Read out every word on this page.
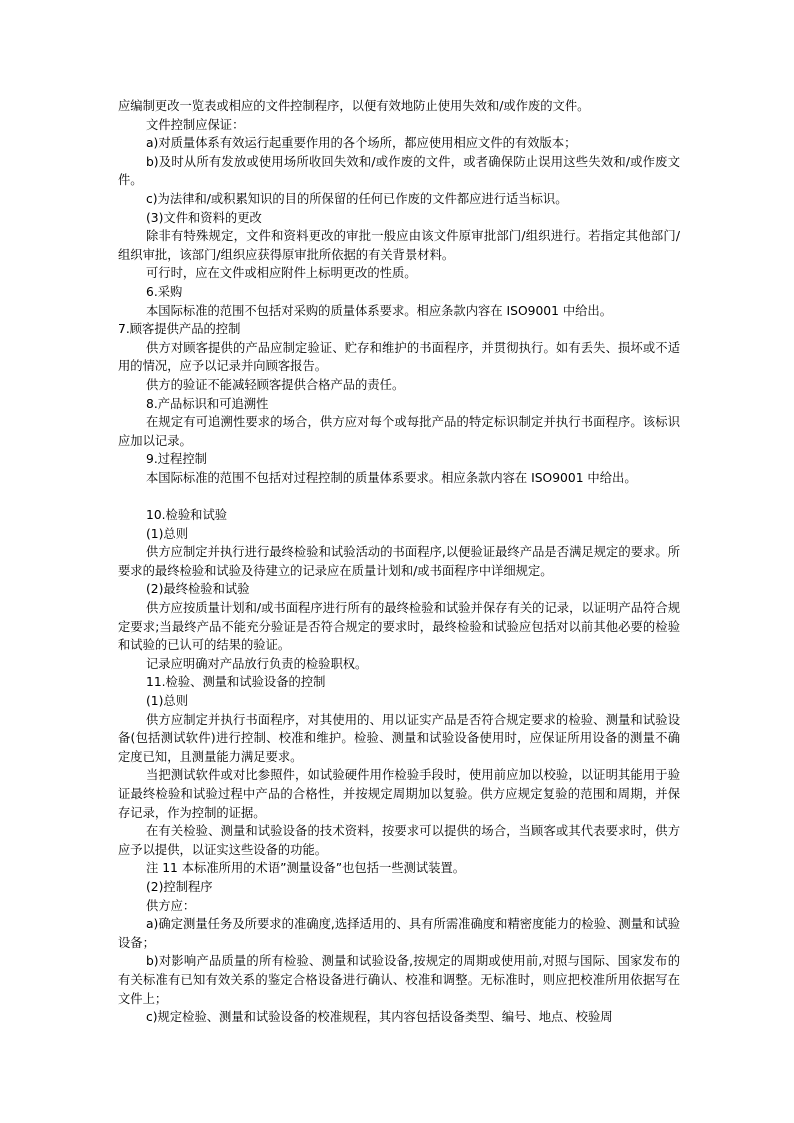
应编制更改一览表或相应的文件控制程序，以便有效地防止使用失效和/或作废的文件。

文件控制应保证：

a)对质量体系有效运行起重要作用的各个场所，都应使用相应文件的有效版本；

b)及时从所有发放或使用场所收回失效和/或作废的文件，或者确保防止误用这些失效和/或作废文件。

c)为法律和/或积累知识的目的所保留的任何已作废的文件都应进行适当标识。

(3)文件和资料的更改

除非有特殊规定，文件和资料更改的审批一般应由该文件原审批部门/组织进行。若指定其他部门/组织审批，该部门/组织应获得原审批所依据的有关背景材料。

可行时，应在文件或相应附件上标明更改的性质。

6.采购

本国际标准的范围不包括对采购的质量体系要求。相应条款内容在 ISO9001 中给出。

7.顾客提供产品的控制

供方对顾客提供的产品应制定验证、贮存和维护的书面程序，并贯彻执行。如有丢失、损坏或不适用的情况，应予以记录并向顾客报告。

供方的验证不能减轻顾客提供合格产品的责任。

8.产品标识和可追溯性

在规定有可追溯性要求的场合，供方应对每个或每批产品的特定标识制定并执行书面程序。该标识应加以记录。

9.过程控制

本国际标准的范围不包括对过程控制的质量体系要求。相应条款内容在 ISO9001 中给出。

10.检验和试验

(1)总则

供方应制定并执行进行最终检验和试验活动的书面程序,以便验证最终产品是否满足规定的要求。所要求的最终检验和试验及待建立的记录应在质量计划和/或书面程序中详细规定。

(2)最终检验和试验

供方应按质量计划和/或书面程序进行所有的最终检验和试验并保存有关的记录，以证明产品符合规定要求;当最终产品不能充分验证是否符合规定的要求时，最终检验和试验应包括对以前其他必要的检验和试验的已认可的结果的验证。

记录应明确对产品放行负责的检验职权。

11.检验、测量和试验设备的控制

(1)总则

供方应制定并执行书面程序，对其使用的、用以证实产品是否符合规定要求的检验、测量和试验设备(包括测试软件)进行控制、校准和维护。检验、测量和试验设备使用时，应保证所用设备的测量不确定度已知，且测量能力满足要求。

当把测试软件或对比参照件，如试验硬件用作检验手段时，使用前应加以校验，以证明其能用于验证最终检验和试验过程中产品的合格性，并按规定周期加以复验。供方应规定复验的范围和周期，并保存记录，作为控制的证据。

在有关检验、测量和试验设备的技术资料，按要求可以提供的场合，当顾客或其代表要求时，供方应予以提供，以证实这些设备的功能。

注 11 本标准所用的术语”测量设备”也包括一些测试装置。

(2)控制程序

供方应：

a)确定测量任务及所要求的准确度,选择适用的、具有所需准确度和精密度能力的检验、测量和试验设备；

b)对影响产品质量的所有检验、测量和试验设备,按规定的周期或使用前,对照与国际、国家发布的有关标准有已知有效关系的鉴定合格设备进行确认、校准和调整。无标准时，则应把校准所用依据写在文件上；

c)规定检验、测量和试验设备的校准规程，其内容包括设备类型、编号、地点、校验周
